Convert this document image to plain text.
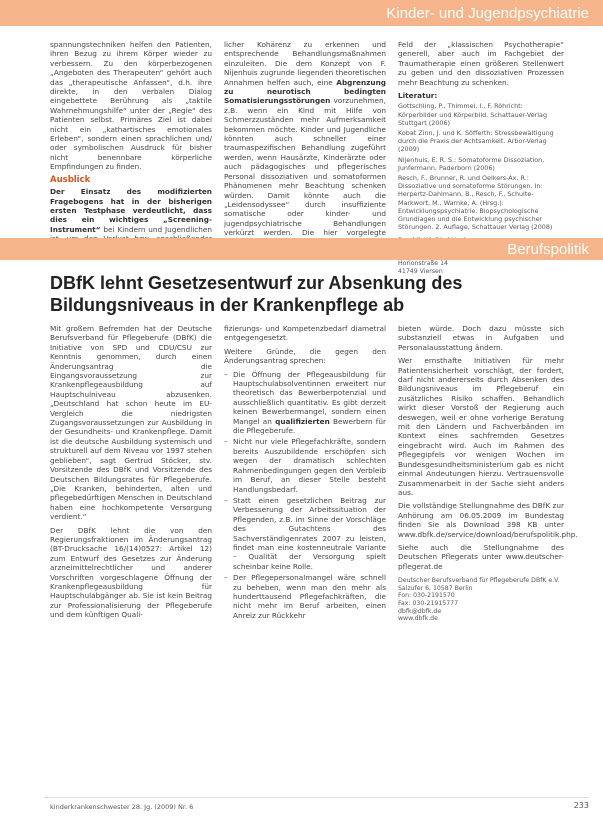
Kinder- und Jugendpsychiatrie

spannungstechniken helfen den Patienten, ihren Bezug zu ihrem Körper wieder zu verbessern. Zu den körperbezogenen „Angeboten des Therapeuten“ gehört auch das „therapeutische Anfassen“, d.h. ihre direkte, in den verbalen Dialog eingebettete Berührung als „taktile Wahrnehmungshilfe“ unter der „Regie“ des Patienten selbst. Primäres Ziel ist dabei nicht ein „kathartisches emotionales Erleben“, sondern einen sprachlichen und/ oder symbolischen Ausdruck für bisher nicht benennbare körperliche Empfindungen zu finden.

Ausblick

Der Einsatz des modifizierten Fragebogens hat in der bisherigen ersten Testphase verdeutlicht, dass dies ein wichtiges „Screening-Instrument“ bei Kindern und Jugendlichen

licher Kohärenz zu erkennen und entsprechende Behandlungsmaßnahmen einzuleiten. Die dem Konzept von F. Nijenhuis zugrunde liegenden theoretischen Annahmen helfen auch, eine Abgrenzung zu neurotisch bedingten Somatisierungsstörungen vorzunehmen, z.B. wenn ein Kind mit Hilfe von Schmerzzuständen mehr Aufmerksamkeit bekommen möchte. Kinder und Jugendliche könnten auch schneller einer traumaspezifischen Behandlung zugeführt werden, wenn Hausärzte, Kinderärzte oder auch pädagogisches und pflegerisches Personal dissoziativen und somatoformen Phänomenen mehr Beachtung schenken würden. Damit könnte auch die „Leidensodyssee“ durch insuffiziente somatische oder kinder- und jugendpsychiatrische Behandlungen verkürzt werden. Die hier vorgelegte

Feld der „klassischen Psychotherapie“ generell, aber auch im Fachgebiet der Traumatherapie einen größeren Stellenwert zu geben und den dissoziativen Prozessen mehr Beachtung zu schenken.

Literatur:

Gottschling, P., Thimmel, I., F. Röhricht: Körperbilder und Körperbild. Schattauer-Verlag Stuttgart (2006)

Kobat Zinn, J. und K. Söfferth: Stressbewältigung durch die Praxis der Achtsamkeit. Arbor-Verlag (2009)

Nijenhuis, E. R. S.: Somatoforme Dissoziation, Junfermann, Paderborn (2006)

Resch, F., Brunner, R. und Oelkers-Ax, R.: Dissoziative und somatoforme Störungen. In: Herpertz-Dahlmann, B., Resch, F., Schulte-Markwort, M., Warnke, A. (Hrsg.): Entwicklungspsychiatrie. Biopsychologische Grundlagen und die Entwicklung psychischer Störungen. 2. Auflage, Schattauer Verlag (2008)

Horionstraße 14
41749 Viersen
Berufspolitik
DBfK lehnt Gesetzesentwurf zur Absenkung des Bildungsniveaus in der Krankenpflege ab

Mit großem Befremden hat der Deutsche Berufsverband für Pflegeberufe (DBfK) die Initiative von SPD und CDU/CSU zur Kenntnis genommen, durch einen Änderungsantrag die Eingangsvoraussetzung zur Krankenpflegeausbildung auf Hauptschulniveau abzusenken. „Deutschland hat schon heute im EU-Vergleich die niedrigsten Zugangsvoraussetzungen zur Ausbildung in der Gesundheits- und Krankenpflege. Damit ist die deutsche Ausbildung systemisch und strukturell auf dem Niveau vor 1997 stehen geblieben“, sagt Gertrud Stöcker, stv. Vorsitzende des DBfK und Vorsitzende des Deutschen Bildungsrates für Pflegeberufe. „Die Kranken, behinderten, alten und pflegebedürftigen Menschen in Deutschland haben eine hochkompetente Versorgung verdient.“

Der DBfK lehnt die von den Regierungsfraktionen im Änderungsantrag (BT-Drucksache 16/(14)0527: Artikel 12) zum Entwurf des Gesetzes zur Änderung arzneimittelrechtlicher und anderer Vorschriften vorgeschlagene Öffnung der Krankenpflegeausbildung für Hauptschulabgänger ab. Sie ist kein Beitrag zur Professionalisierung der Pflegeberufe und dem künftigen Quali-

fizierungs- und Kompetenzbedarf diametral entgegengesetzt.

Weitere Gründe, die gegen den Änderungsantrag sprechen:

– Die Öffnung der Pflegeausbildung für Hauptschulabsolventinnen erweitert nur theoretisch das Bewerberpotenzial und ausschließlich quantitativ. Es gibt derzeit keinen Bewerbermangel, sondern einen Mangel an qualifizierten Bewerbern für die Pflegeberufe.
– Nicht nur viele Pflegefachkräfte, sondern bereits Auszubildende erschöpfen sich wegen der dramatisch schlechten Rahmenbedingungen gegen den Verbleib im Beruf, an dieser Stelle besteht Handlungsbedarf.
– Statt einen gesetzlichen Beitrag zur Verbesserung der Arbeitssituation der Pflegenden, z.B. im Sinne der Vorschläge des Gutachtens des Sachverständigenrates 2007 zu leisten, findet man eine kostenneutrale Variante – Qualität der Versorgung spielt scheinbar keine Rolle.
– Der Pflegepersonalmangel wäre schnell zu beheben, wenn man den mehr als hunderttausend Pflegefachkräften, die nicht mehr im Beruf arbeiten, einen Anreiz zur Rückkehr

bieten würde. Doch dazu müsste sich substanziell etwas in Aufgaben und Personalausstattung ändern.

Wer ernsthafte Initiativen für mehr Patientensicherheit vorschlägt, der fordert, darf nicht andererseits durch Absenken des Bildungsniveaus im Pflegeberuf ein zusätzliches Risiko schaffen. Behandlich wirkt dieser Vorstoß der Regierung auch deswegen, weil er ohne vorherige Beratung mit den Ländern und Fachverbänden im Kontext eines sachfremden Gesetzes eingebracht wird. Auch im Rahmen des Pflegegipfels vor wenigen Wochen im Bundesgesundheitsministerium gab es nicht einmal Andeutungen hierzu. Vertrauensvolle Zusammenarbeit in der Sache sieht anders aus.

Die vollständige Stellungnahme des DBfK zur Anhörung am 06.05.2009 im Bundestag finden Sie als Download 398 KB unter www.dbfk.de/service/download/berufspolitik.php.

Siehe auch die Stellungnahme des Deutschen Pflegerats unter www.deutscher-pflegerat.de

Deutscher Berufsverband für Pflegeberufe DBfK e.V.
Salzufer 6, 10587 Berlin
Fon: 030-2191570
Fax: 030-21915777
dbfk@dbfk.de
www.dbfk.de
kinderkrankenschwester 28. Jg. (2009) Nr. 6	233
